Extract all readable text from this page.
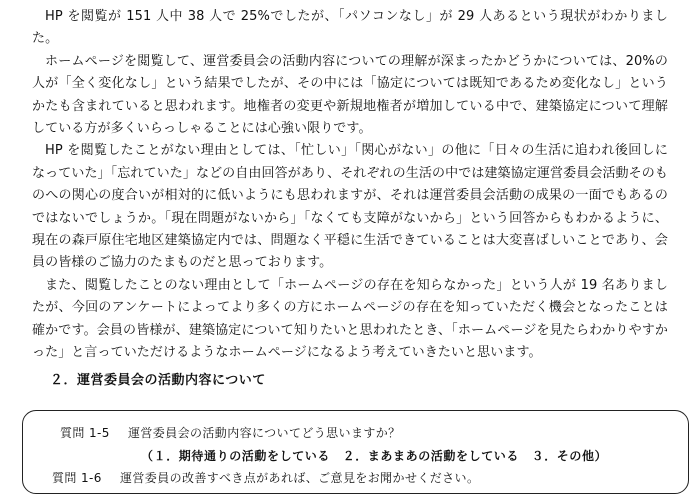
HP を閲覧が 151 人中 38 人で 25%でしたが、「パソコンなし」が 29 人あるという現状がわかりました。

ホームページを閲覧して、運営委員会の活動内容についての理解が深まったかどうかについては、20%の人が「全く変化なし」という結果でしたが、その中には「協定については既知であるため変化なし」というかたも含まれていると思われます。地権者の変更や新規地権者が増加している中で、建築協定について理解している方が多くいらっしゃることには心強い限りです。

HP を閲覧したことがない理由としては、「忙しい」「関心がない」の他に「日々の生活に追われ後回しになっていた」「忘れていた」などの自由回答があり、それぞれの生活の中では建築協定運営委員会活動そのものへの関心の度合いが相対的に低いようにも思われますが、それは運営委員会活動の成果の一面でもあるのではないでしょうか。「現在問題がないから」「なくても支障がないから」という回答からもわかるように、現在の森戸原住宅地区建築協定内では、問題なく平穏に生活できていることは大変喜ばしいことであり、会員の皆様のご協力のたまものだと思っております。

また、閲覧したことのない理由として「ホームページの存在を知らなかった」という人が 19 名ありましたが、今回のアンケートによってより多くの方にホームページの存在を知っていただく機会となったことは確かです。会員の皆様が、建築協定について知りたいと思われたとき、「ホームページを見たらわかりやすかった」と言っていただけるようなホームページになるよう考えていきたいと思います。

２．運営委員会の活動内容について
質問 1-5 運営委員会の活動内容についてどう思いますか？
（１．期待通りの活動をしている　２．まあまあの活動をしている　３．その他）
質問 1-6 運営委員の改善すべき点があれば、ご意見をお聞かせください。
